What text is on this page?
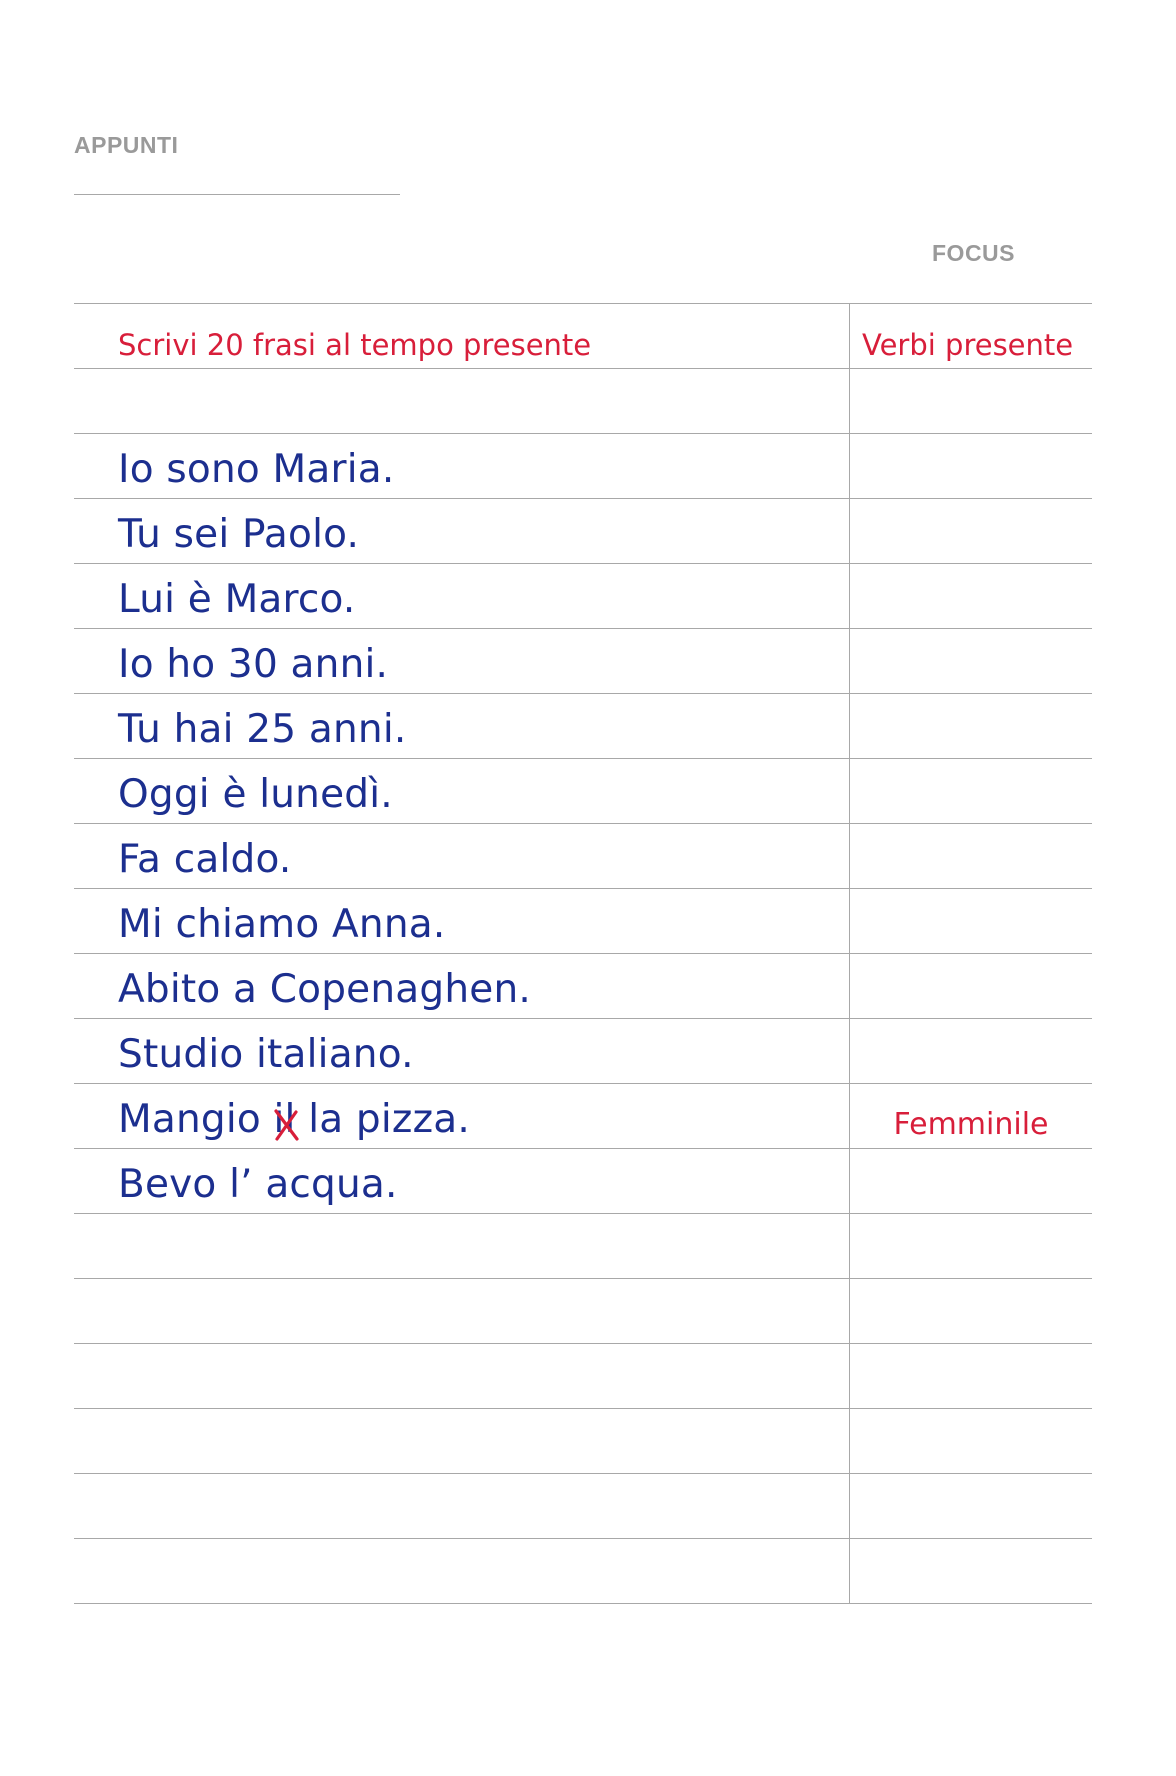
APPUNTI
FOCUS
Scrivi 20 frasi al tempo presente	Verbi presente
Io sono Maria.
Tu sei Paolo.
Lui è Marco.
Io ho 30 anni.
Tu hai 25 anni.
Oggi è lunedì.
Fa caldo.
Mi chiamo Anna.
Abito a Copenaghen.
Studio italiano.
Mangio il
la pizza.	Femminile
Bevo l’ acqua.
